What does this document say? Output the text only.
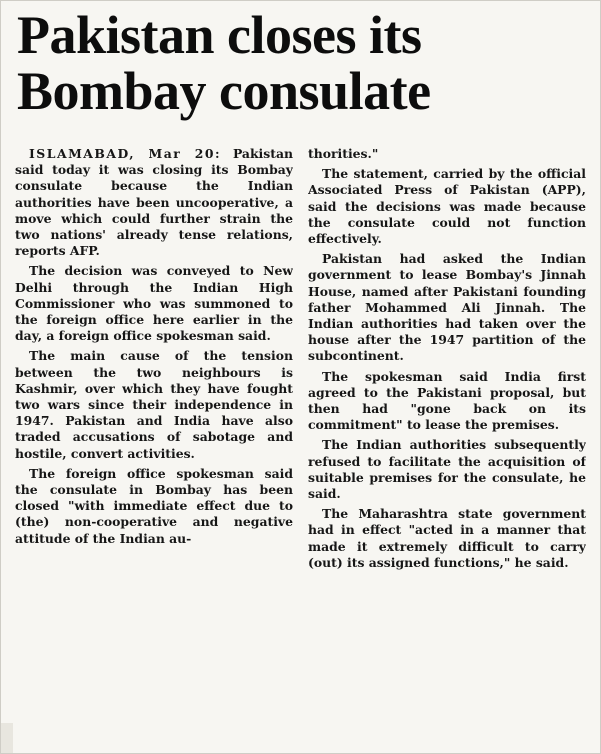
Pakistan closes its
Bombay consulate

ISLAMABAD, Mar 20: Pakistan said today it was closing its Bombay consulate because the Indian authorities have been uncooperative, a move which could further strain the two nations' already tense relations, reports AFP.

The decision was conveyed to New Delhi through the Indian High Commissioner who was summoned to the foreign office here earlier in the day, a foreign office spokesman said.

The main cause of the tension between the two neighbours is Kashmir, over which they have fought two wars since their independence in 1947. Pakistan and India have also traded accusations of sabotage and hostile, convert activities.

The foreign office spokesman said the consulate in Bombay has been closed "with immediate effect due to (the) non-cooperative and negative attitude of the Indian au-

thorities."

The statement, carried by the official Associated Press of Pakistan (APP), said the decisions was made because the consulate could not function effectively.

Pakistan had asked the Indian government to lease Bombay's Jinnah House, named after Pakistani founding father Mohammed Ali Jinnah. The Indian authorities had taken over the house after the 1947 partition of the subcontinent.

The spokesman said India first agreed to the Pakistani proposal, but then had "gone back on its commitment" to lease the premises.

The Indian authorities subsequently refused to facilitate the acquisition of suitable premises for the consulate, he said.

The Maharashtra state government had in effect "acted in a manner that made it extremely difficult to carry (out) its assigned functions," he said.
